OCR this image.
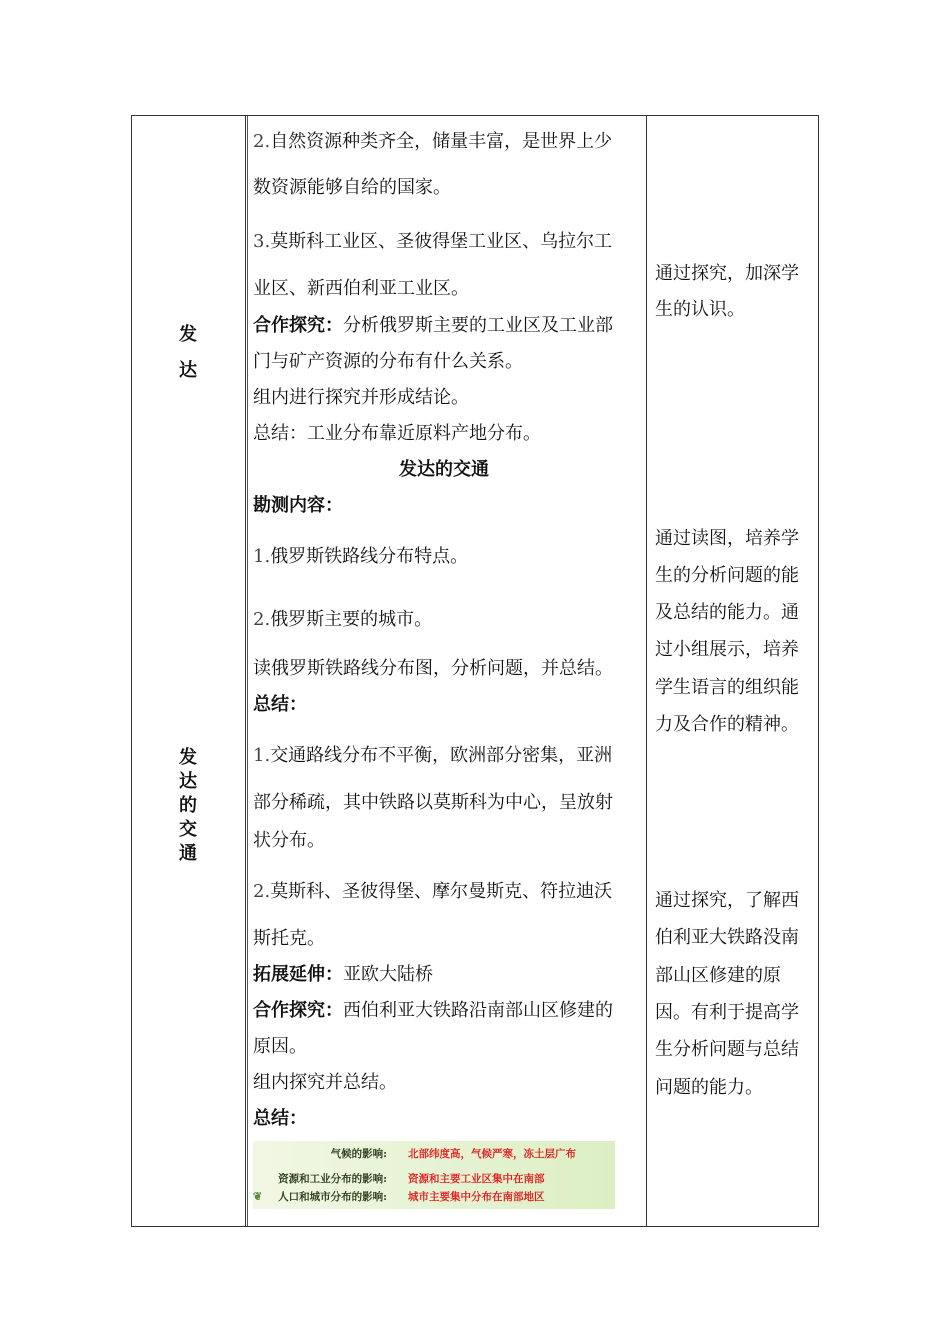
发
达
发
达
的
交
通
2.自然资源种类齐全，储量丰富，是世界上少
数资源能够自给的国家。
3.莫斯科工业区、圣彼得堡工业区、乌拉尔工
业区、新西伯利亚工业区。
合作探究：分析俄罗斯主要的工业区及工业部
门与矿产资源的分布有什么关系。
组内进行探究并形成结论。
总结：工业分布靠近原料产地分布。
发达的交通
勘测内容：
1.俄罗斯铁路线分布特点。
2.俄罗斯主要的城市。
读俄罗斯铁路线分布图，分析问题，并总结。
总结：
1.交通路线分布不平衡，欧洲部分密集，亚洲
部分稀疏，其中铁路以莫斯科为中心，呈放射
状分布。
2.莫斯科、圣彼得堡、摩尔曼斯克、符拉迪沃
斯托克。
拓展延伸：亚欧大陆桥
合作探究：西伯利亚大铁路沿南部山区修建的
原因。
组内探究并总结。
总结：
气候的影响: 北部纬度高，气候严寒，冻土层广布
资源和工业分布的影响: 资源和主要工业区集中在南部
人口和城市分布的影响: 城市主要集中分布在南部地区
❦
通过探究，加深学
生的认识。
通过读图，培养学
生的分析问题的能
及总结的能力。通
过小组展示，培养
学生语言的组织能
力及合作的精神。
通过探究，了解西
伯利亚大铁路没南
部山区修建的原
因。有利于提高学
生分析问题与总结
问题的能力。
